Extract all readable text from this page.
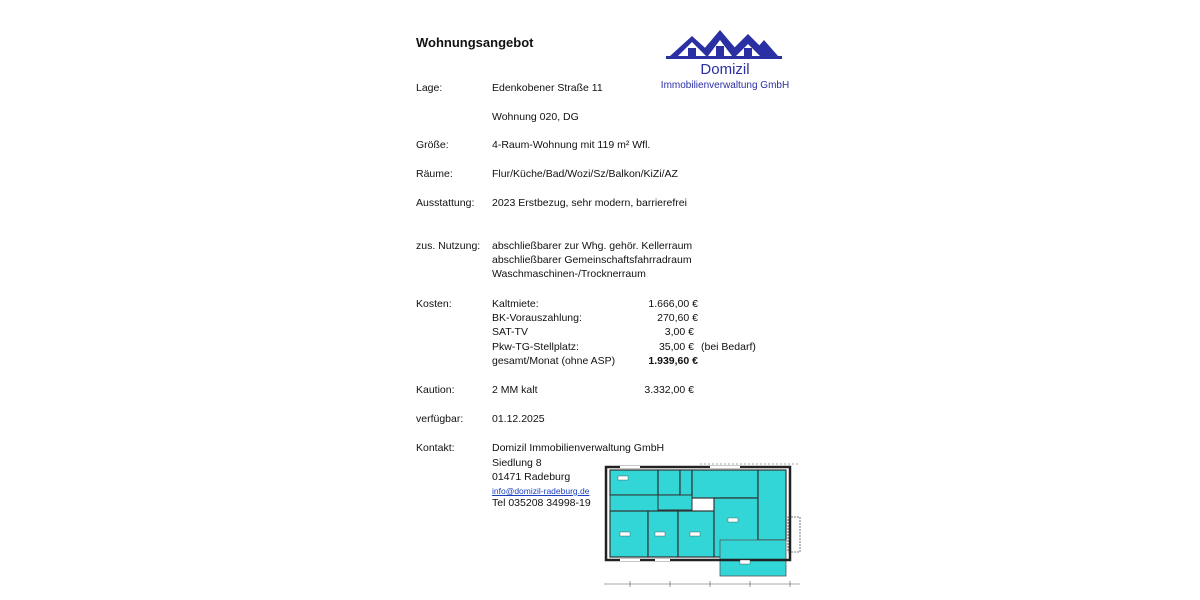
Wohnungsangebot
Domizil
Immobilienverwaltung GmbH
Lage:	Edenkobener Straße 11
Wohnung 020, DG
Größe:	4-Raum-Wohnung mit 119 m² Wfl.
Räume:	Flur/Küche/Bad/Wozi/Sz/Balkon/KiZi/AZ
Ausstattung: 2023 Erstbezug, sehr modern, barrierefrei
zus. Nutzung: abschließbarer zur Whg. gehör. Kellerraum
abschließbarer Gemeinschaftsfahrradraum
Waschmaschinen-/Trocknerraum
Kosten:	Kaltmiete:	1.666,00 €
BK-Vorauszahlung:	270,60 €
SAT-TV	3,00 €
Pkw-TG-Stellplatz:	35,00 € (bei Bedarf)
gesamt/Monat (ohne ASP)	1.939,60 €
Kaution:	2 MM kalt	3.332,00 €
verfügbar:	01.12.2025
Kontakt:	Domizil Immobilienverwaltung GmbH
Siedlung 8
01471 Radeburg
info@domizil-radeburg.de
Tel 035208 34998-19
